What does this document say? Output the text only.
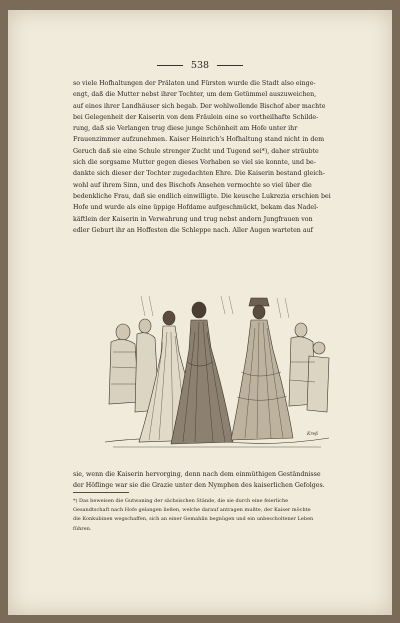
538
so viele Hofhaltungen der Prälaten und Fürsten wurde die Stadt also einge-
engt, daß die Mutter nebst ihrer Tochter, um dem Getümmel auszuweichen,
auf eines ihrer Landhäuser sich begab. Der wohlwollende Bischof aber machte
bei Gelegenheit der Kaiserin von dem Fräulein eine so vortheilhafte Schilde-
rung, daß sie Verlangen trug diese junge Schönheit am Hofe unter ihr
Frauenzimmer aufzunehmen. Kaiser Heinrich's Hofhaltung stand nicht in dem
Geruch daß sie eine Schule strenger Zucht und Tugend sei*), daher sträubte
sich die sorgsame Mutter gegen dieses Vorhaben so viel sie konnte, und be-
dankte sich dieser der Tochter zugedachten Ehre. Die Kaiserin bestand gleich-
wohl auf ihrem Sinn, und des Bischofs Ansehen vermochte so viel über die
bedenkliche Frau, daß sie endlich einwilligte. Die keusche Lukrezia erschien bei
Hofe und wurde als eine üppige Hofdame aufgeschmückt, bekam das Nadel-
käftlein der Kaiserin in Verwahrung und trug nebst andern Jungfrauen von
edler Geburt ihr an Hoffesten die Schleppe nach. Aller Augen warteten auf
Kreß
sie, wenn die Kaiserin hervorging, denn nach dem einmüthigen Geständnisse
der Höflinge war sie die Grazie unter den Nymphen des kaiserlichen Gefolges.
*) Das beweisen die Gutwaning der sächsischen Stände, die sie durch eine feierliche
Gesandtschaft nach Hofe gelangen ließen, welche darauf antragen mußte, der Kaiser möchte
die Konkubinen wegschaffen, sich an einer Gemahlin begnügen und ein unbescholtener Leben
führen.
